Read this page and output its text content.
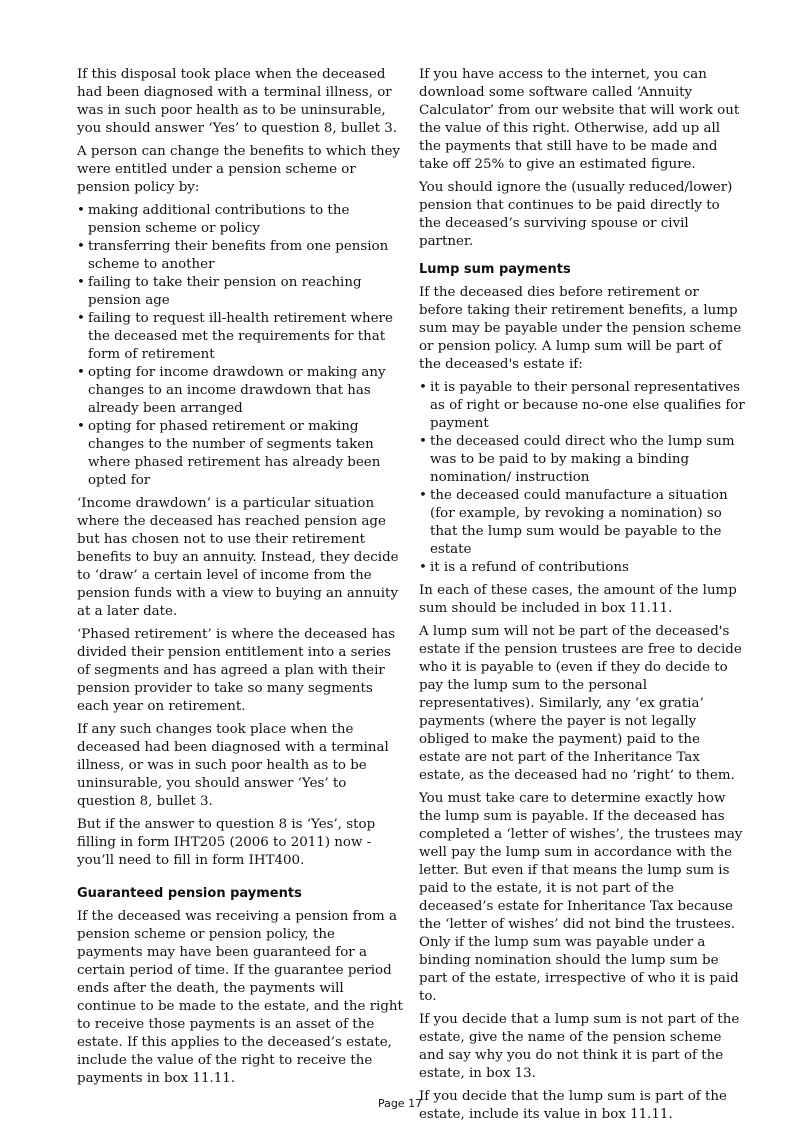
If this disposal took place when the deceased had been diagnosed with a terminal illness, or was in such poor health as to be uninsurable, you should answer ‘Yes’ to question 8, bullet 3.

A person can change the benefits to which they were entitled under a pension scheme or pension policy by:

• making additional contributions to the pension scheme or policy
• transferring their benefits from one pension scheme to another
• failing to take their pension on reaching pension age
• failing to request ill-health retirement where the deceased met the requirements for that form of retirement
• opting for income drawdown or making any changes to an income drawdown that has already been arranged
• opting for phased retirement or making changes to the number of segments taken where phased retirement has already been opted for

‘Income drawdown’ is a particular situation where the deceased has reached pension age but has chosen not to use their retirement benefits to buy an annuity. Instead, they decide to ‘draw’ a certain level of income from the pension funds with a view to buying an annuity at a later date.

‘Phased retirement’ is where the deceased has divided their pension entitlement into a series of segments and has agreed a plan with their pension provider to take so many segments each year on retirement.

If any such changes took place when the deceased had been diagnosed with a terminal illness, or was in such poor health as to be uninsurable, you should answer ‘Yes’ to question 8, bullet 3.

But if the answer to question 8 is ‘Yes’, stop filling in form IHT205 (2006 to 2011) now - you’ll need to fill in form IHT400.

Guaranteed pension payments

If the deceased was receiving a pension from a pension scheme or pension policy, the payments may have been guaranteed for a certain period of time. If the guarantee period ends after the death, the payments will continue to be made to the estate, and the right to receive those payments is an asset of the estate. If this applies to the deceased’s estate, include the value of the right to receive the payments in box 11.11.

If you have access to the internet, you can download some software called ‘Annuity Calculator’ from our website that will work out the value of this right. Otherwise, add up all the payments that still have to be made and take off 25% to give an estimated figure.

You should ignore the (usually reduced/lower) pension that continues to be paid directly to the deceased’s surviving spouse or civil partner.

Lump sum payments

If the deceased dies before retirement or before taking their retirement benefits, a lump sum may be payable under the pension scheme or pension policy. A lump sum will be part of the deceased's estate if:

• it is payable to their personal representatives as of right or because no-one else qualifies for payment
• the deceased could direct who the lump sum was to be paid to by making a binding nomination/ instruction
• the deceased could manufacture a situation (for example, by revoking a nomination) so that the lump sum would be payable to the estate
• it is a refund of contributions

In each of these cases, the amount of the lump sum should be included in box 11.11.

A lump sum will not be part of the deceased's estate if the pension trustees are free to decide who it is payable to (even if they do decide to pay the lump sum to the personal representatives). Similarly, any ‘ex gratia’ payments (where the payer is not legally obliged to make the payment) paid to the estate are not part of the Inheritance Tax estate, as the deceased had no ‘right’ to them.

You must take care to determine exactly how the lump sum is payable. If the deceased has completed a ‘letter of wishes’, the trustees may well pay the lump sum in accordance with the letter. But even if that means the lump sum is paid to the estate, it is not part of the deceased’s estate for Inheritance Tax because the ‘letter of wishes’ did not bind the trustees. Only if the lump sum was payable under a binding nomination should the lump sum be part of the estate, irrespective of who it is paid to.

If you decide that a lump sum is not part of the estate, give the name of the pension scheme and say why you do not think it is part of the estate, in box 13.

If you decide that the lump sum is part of the estate, include its value in box 11.11.

Page 17
